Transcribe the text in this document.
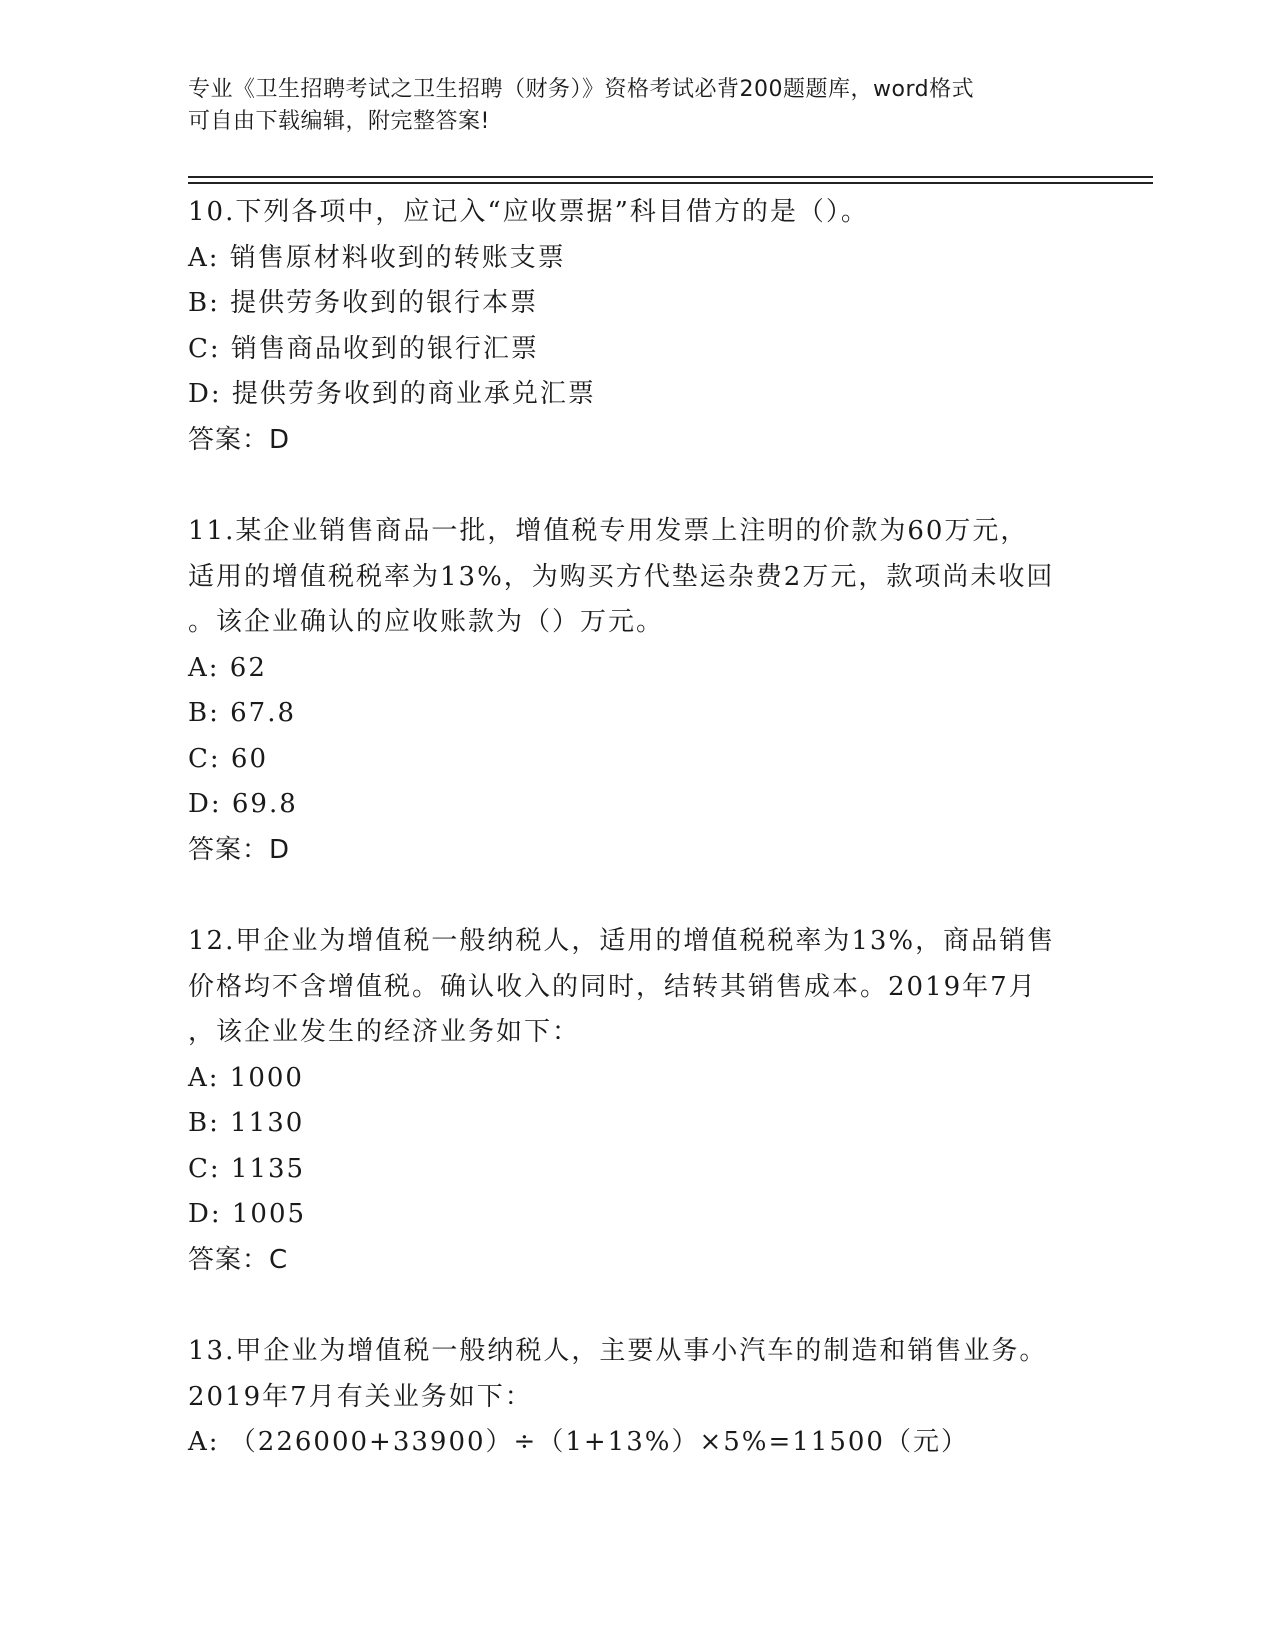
专业《卫生招聘考试之卫生招聘（财务）》资格考试必背200题题库，word格式
可自由下载编辑，附完整答案!
10.下列各项中，应记入“应收票据”科目借方的是（）。
A: 销售原材料收到的转账支票
B: 提供劳务收到的银行本票
C: 销售商品收到的银行汇票
D: 提供劳务收到的商业承兑汇票
答案：D
11.某企业销售商品一批，增值税专用发票上注明的价款为60万元，
适用的增值税税率为13%，为购买方代垫运杂费2万元，款项尚未收回
。该企业确认的应收账款为（）万元。
A: 62
B: 67.8
C: 60
D: 69.8
答案：D
12.甲企业为增值税一般纳税人，适用的增值税税率为13%，商品销售
价格均不含增值税。确认收入的同时，结转其销售成本。2019年7月
，该企业发生的经济业务如下：
A: 1000
B: 1130
C: 1135
D: 1005
答案：C
13.甲企业为增值税一般纳税人，主要从事小汽车的制造和销售业务。
2019年7月有关业务如下：
A: （226000+33900）÷（1+13%）×5%=11500（元）
